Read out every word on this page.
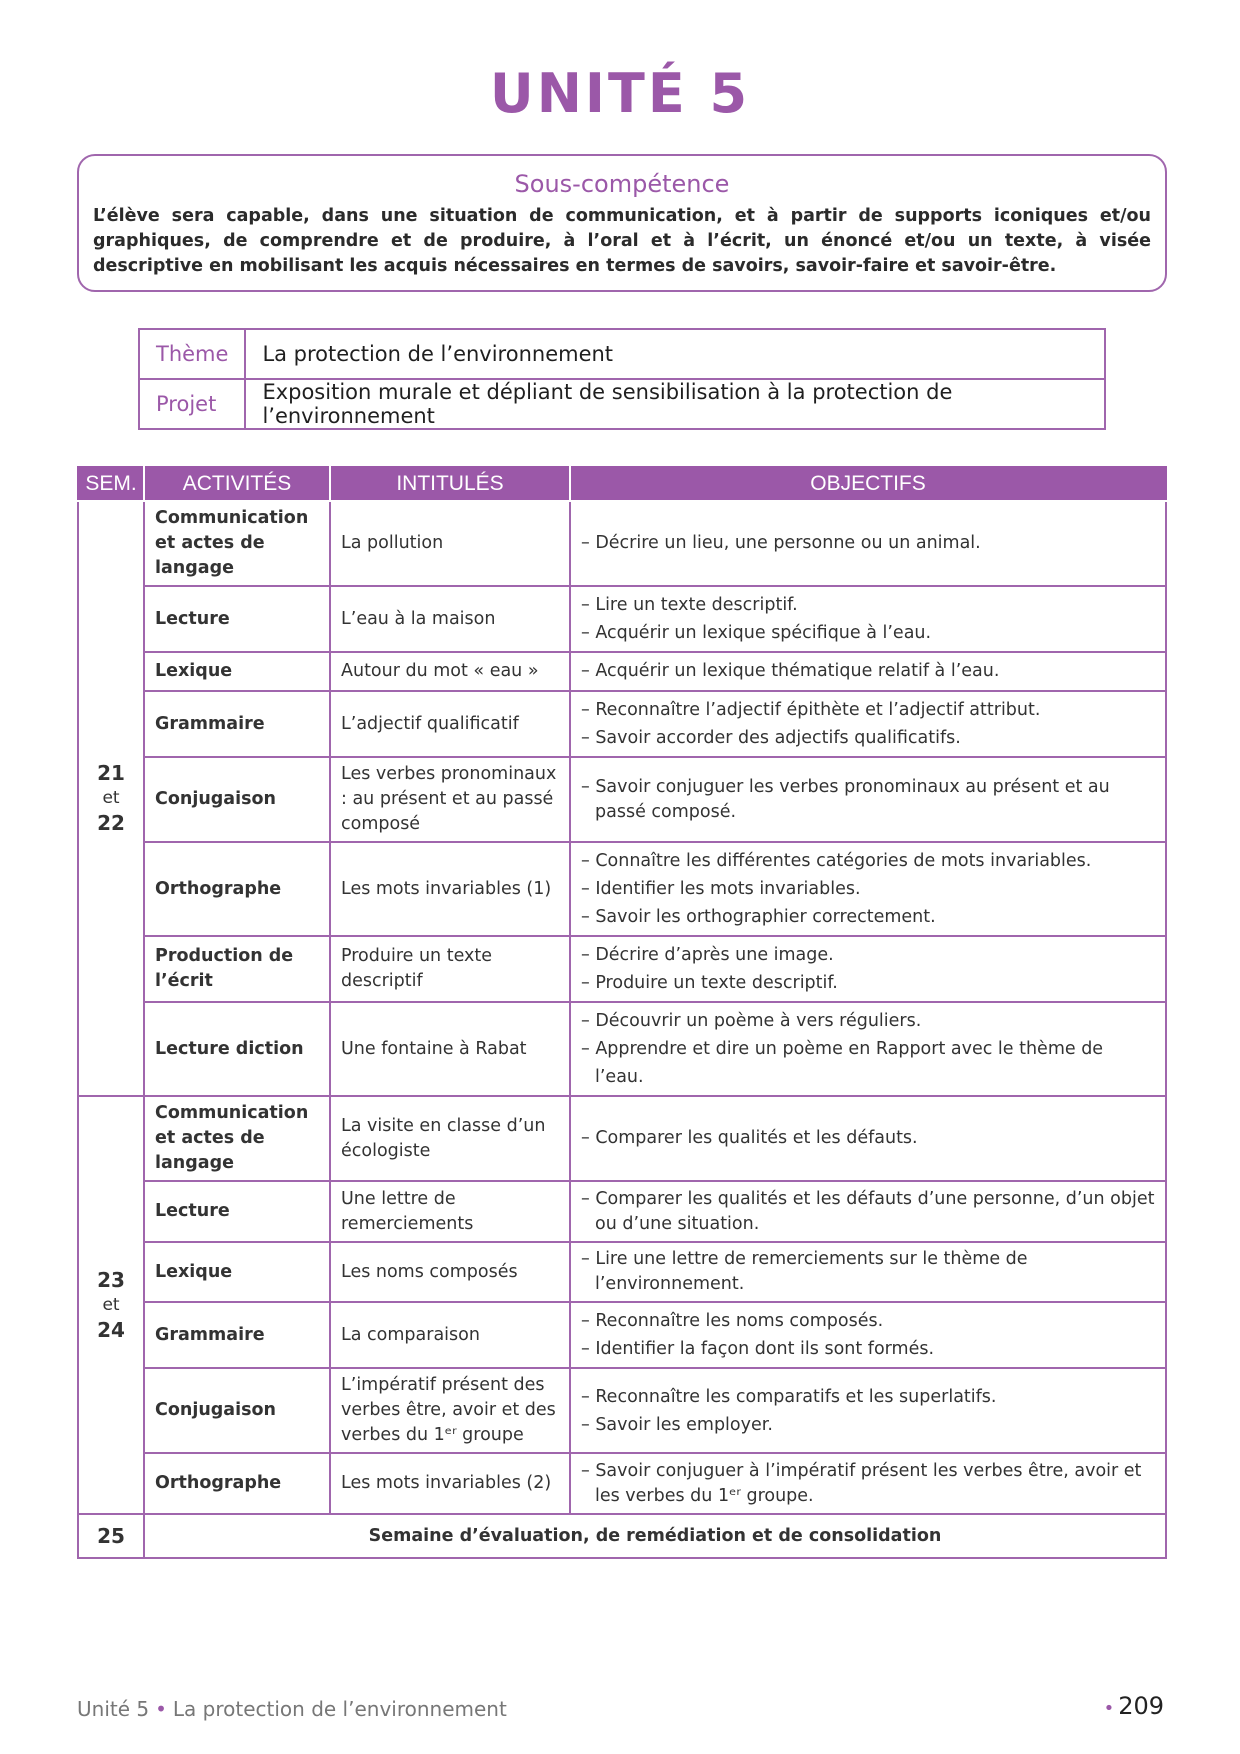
UNITÉ 5
Sous-compétence
L’élève sera capable, dans une situation de communication, et à partir de supports iconiques et/ou graphiques, de comprendre et de produire, à l’oral et à l’écrit, un énoncé et/ou un texte, à visée descriptive en mobilisant les acquis nécessaires en termes de savoirs, savoir-faire et savoir-être.
Thème	La protection de l’environnement
Projet	Exposition murale et dépliant de sensibilisation à la protection de l’environnement
SEM.	ACTIVITÉS	INTITULÉS	OBJECTIFS

21
et
22	Communication et actes de langage	La pollution	– Décrire un lieu, une personne ou un animal.

	Lecture	L’eau à la maison	– Lire un texte descriptif.
– Acquérir un lexique spécifique à l’eau.

	Lexique	Autour du mot « eau »	– Acquérir un lexique thématique relatif à l’eau.

	Grammaire	L’adjectif qualificatif	– Reconnaître l’adjectif épithète et l’adjectif attribut.
– Savoir accorder des adjectifs qualificatifs.

	Conjugaison	Les verbes pronominaux : au présent et au passé composé	– Savoir conjuguer les verbes pronominaux au présent et au passé composé.

	Orthographe	Les mots invariables (1)	– Connaître les différentes catégories de mots invariables.
– Identifier les mots invariables.
– Savoir les orthographier correctement.

	Production de l’écrit	Produire un texte descriptif	– Décrire d’après une image.
– Produire un texte descriptif.

	Lecture diction	Une fontaine à Rabat	– Découvrir un poème à vers réguliers.
– Apprendre et dire un poème en Rapport avec le thème de l’eau.

23
et
24	Communication et actes de langage	La visite en classe d’un écologiste	– Comparer les qualités et les défauts.

	Lecture	Une lettre de remerciements	– Comparer les qualités et les défauts d’une personne, d’un objet ou d’une situation.

	Lexique	Les noms composés	– Lire une lettre de remerciements sur le thème de l’environnement.

	Grammaire	La comparaison	– Reconnaître les noms composés.
– Identifier la façon dont ils sont formés.

	Conjugaison	L’impératif présent des verbes être, avoir et des verbes du 1ᵉʳ groupe	– Reconnaître les comparatifs et les superlatifs.
– Savoir les employer.

	Orthographe	Les mots invariables (2)	– Savoir conjuguer à l’impératif présent les verbes être, avoir et les verbes du 1ᵉʳ groupe.

25	Semaine d’évaluation, de remédiation et de consolidation		
Unité 5 • La protection de l’environnement	• 209
